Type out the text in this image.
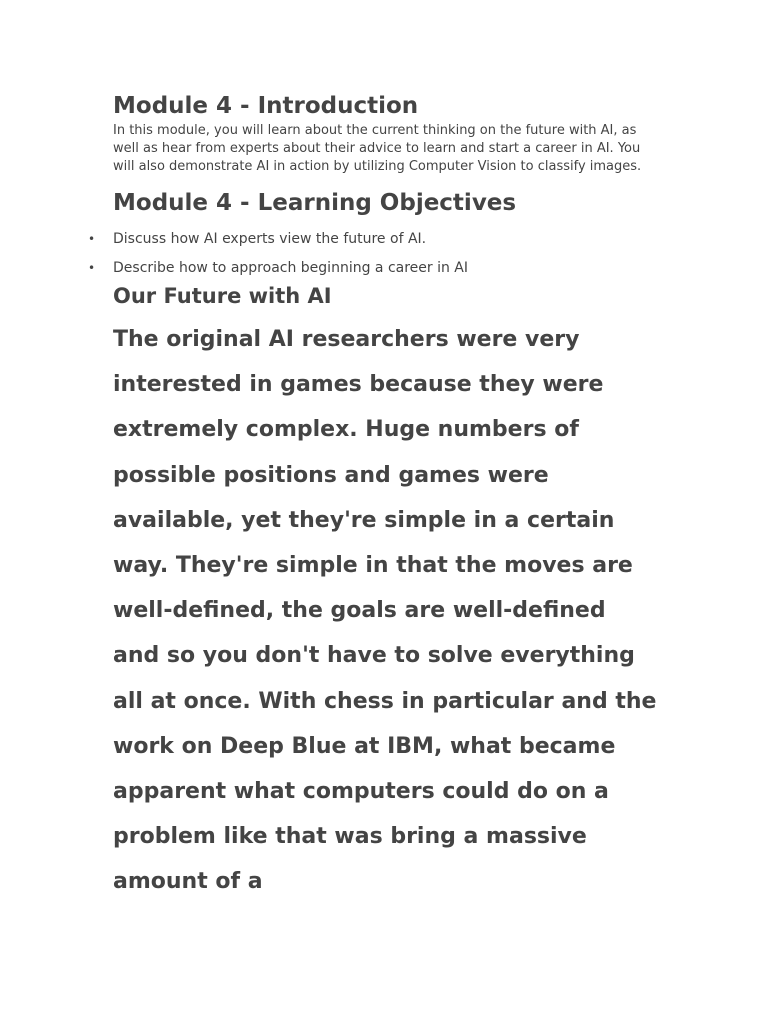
Module 4 - Introduction

In this module, you will learn about the current thinking on the future with AI, as well as hear from experts about their advice to learn and start a career in AI. You will also demonstrate AI in action by utilizing Computer Vision to classify images.

Module 4 - Learning Objectives
• Discuss how AI experts view the future of AI.
• Describe how to approach beginning a career in AI
Our Future with AI

The original AI researchers were very interested in games because they were extremely complex. Huge numbers of possible positions and games were available, yet they're simple in a certain way. They're simple in that the moves are well-defined, the goals are well-defined and so you don't have to solve everything all at once. With chess in particular and the work on Deep Blue at IBM, what became apparent what computers could do on a problem like that was bring a massive amount of a
